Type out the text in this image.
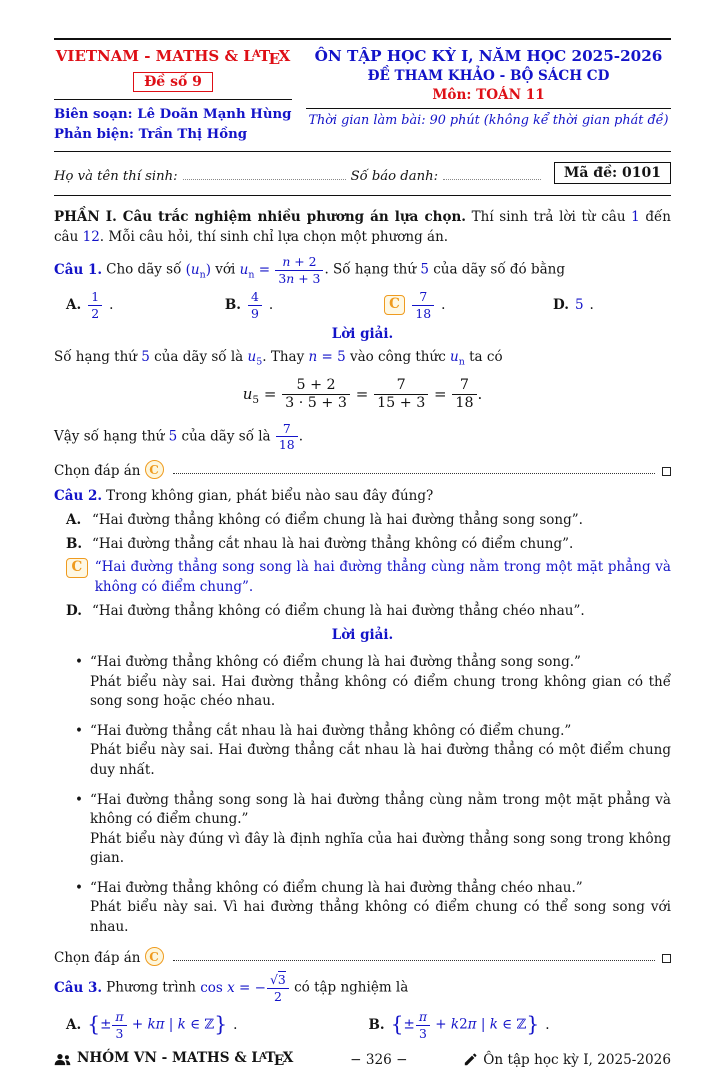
VIETNAM - MATHS & $L^ATEX$
Đề số 9
Biên soạn: Lê Doãn Mạnh Hùng
Phản biện: Trần Thị Hồng
ÔN TẬP HỌC KỲ I, NĂM HỌC 2025-2026
ĐỀ THAM KHẢO - BỘ SÁCH CD
Môn: TOÁN 11
Thời gian làm bài: 90 phút (không kể thời gian phát đề)
Họ và tên thí sinh:	Số báo danh:	Mã đề: 0101

PHẦN I. Câu trắc nghiệm nhiều phương án lựa chọn. Thí sinh trả lời từ câu 1 đến câu 12. Mỗi câu hỏi, thí sinh chỉ lựa chọn một phương án.

Câu 1. Cho dãy số $(u_n)$ với $u_n = \frac{n + 2}{3n + 3}$ . Số hạng thứ 5 của dãy số đó bằng

A. $\frac{1}{2}$ .	B. $\frac{4}{9}$ .	C	$\frac{7}{18}$ .	D. 5 .
Lời giải.

Số hạng thứ 5 của dãy số là $u_5$. Thay n = 5 vào công thức $u_n$ ta có

$u_5 = \frac{5 + 2}{3 \cdot 5 + 3} = \frac{7}{15 + 3} = \frac{7}{18}$ .

Vậy số hạng thứ 5 của dãy số là $\frac{7}{18}$ .

Chọn đáp án C

Câu 2. Trong không gian, phát biểu nào sau đây đúng?

A. “Hai đường thẳng không có điểm chung là hai đường thẳng song song”.
B. “Hai đường thẳng cắt nhau là hai đường thẳng không có điểm chung”.
C “Hai đường thẳng song song là hai đường thẳng cùng nằm trong một mặt phẳng và không có điểm chung”.
D. “Hai đường thẳng không có điểm chung là hai đường thẳng chéo nhau”.
Lời giải.
• “Hai đường thẳng không có điểm chung là hai đường thẳng song song.”
Phát biểu này sai. Hai đường thẳng không có điểm chung trong không gian có thể song song hoặc chéo nhau.
• “Hai đường thẳng cắt nhau là hai đường thẳng không có điểm chung.”
Phát biểu này sai. Hai đường thẳng cắt nhau là hai đường thẳng có một điểm chung duy nhất.
• “Hai đường thẳng song song là hai đường thẳng cùng nằm trong một mặt phẳng và không có điểm chung.”
Phát biểu này đúng vì đây là định nghĩa của hai đường thẳng song song trong không gian.
• “Hai đường thẳng không có điểm chung là hai đường thẳng chéo nhau.”
Phát biểu này sai. Vì hai đường thẳng không có điểm chung có thể song song với nhau.
Chọn đáp án C

Câu 3. Phương trình cos x = − $\frac{√3}{2}$ có tập nghiệm là

A. {± $\frac{\pi}{3} + k\pi$ | k ∈ ℤ} .	B. {± $\frac{\pi}{3} + k2\pi$ | k ∈ ℤ} .
NHÓM VN - MATHS & $L^ATEX$	− 326 −	Ôn tập học kỳ I, 2025-2026
